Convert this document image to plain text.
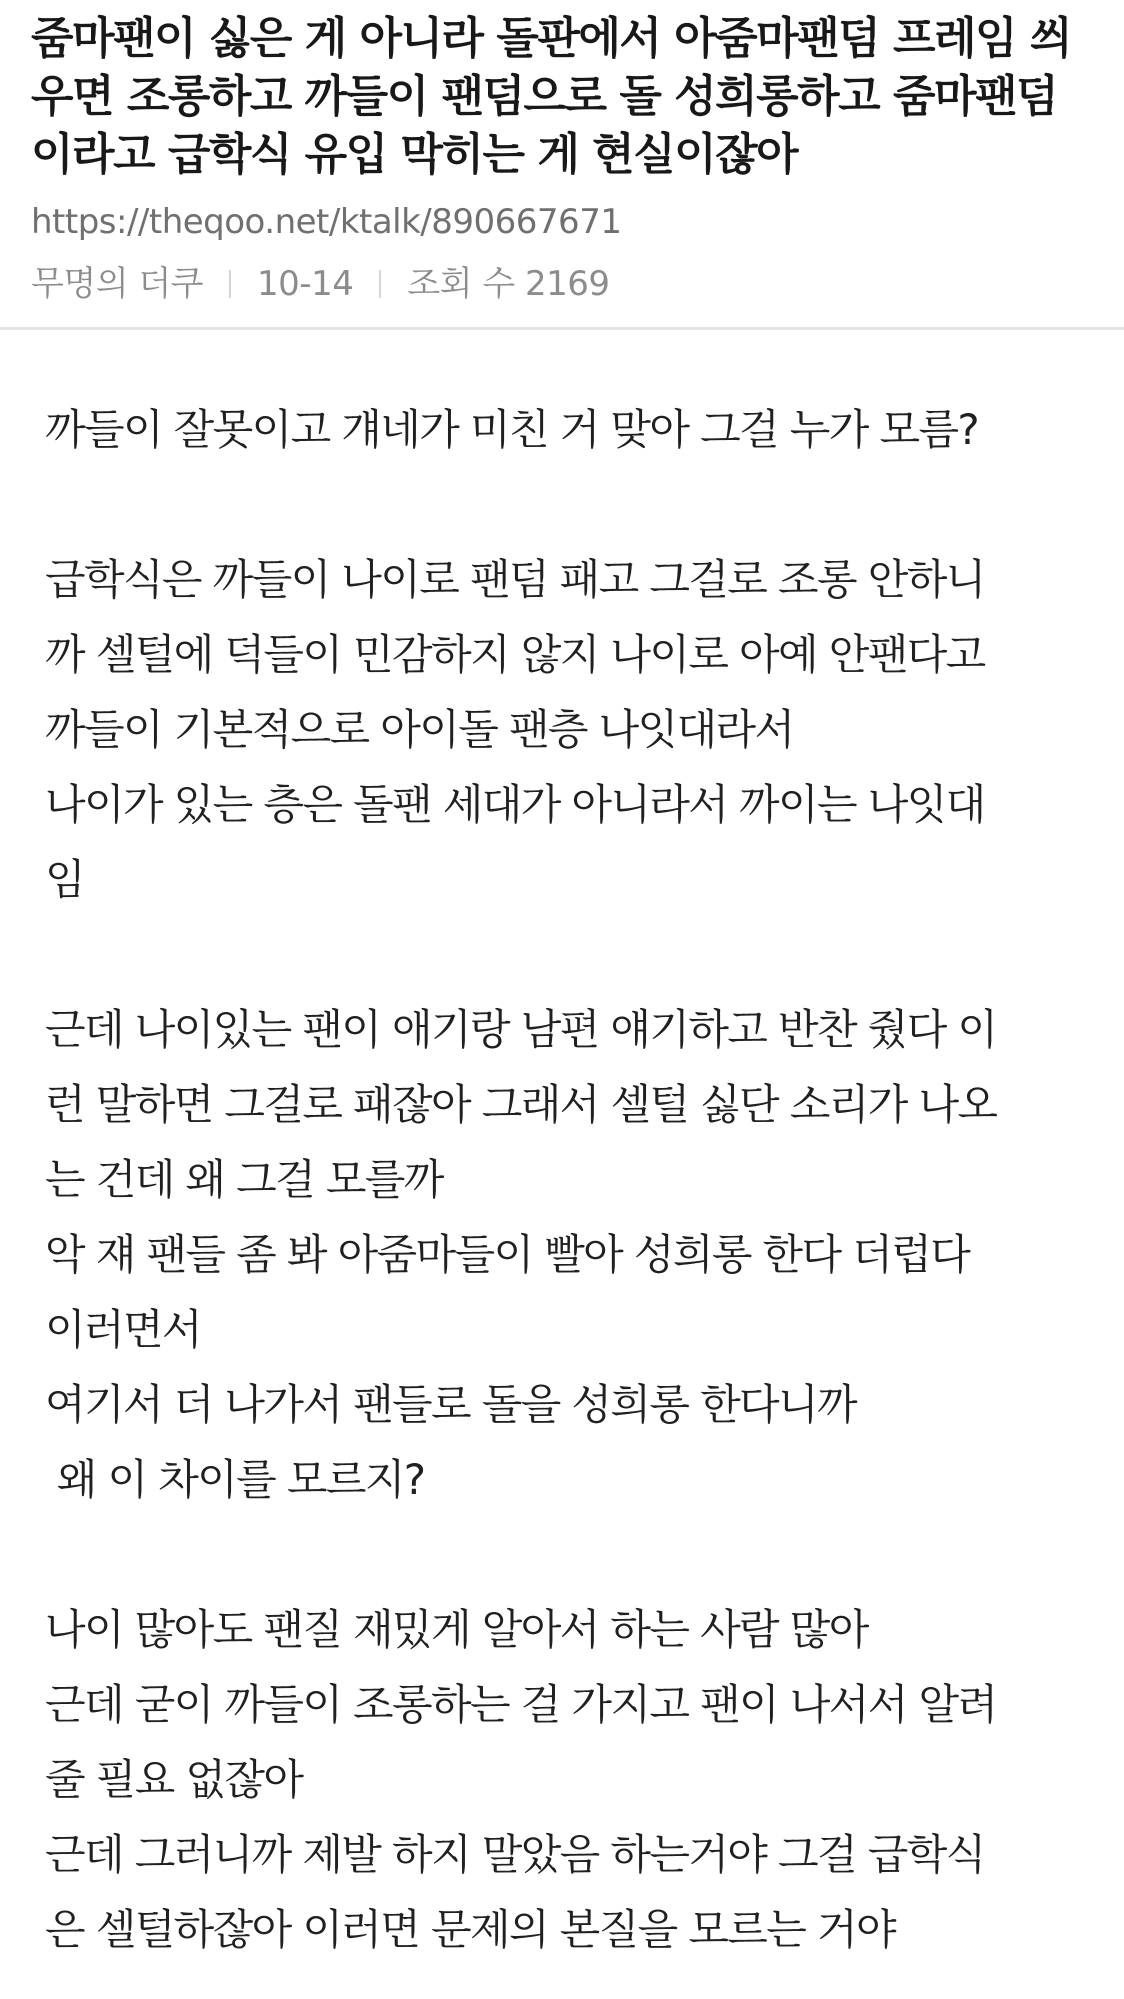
줌마팬이 싫은 게 아니라 돌판에서 아줌마팬덤 프레임 씌
우면 조롱하고 까들이 팬덤으로 돌 성희롱하고 줌마팬덤
이라고 급학식 유입 막히는 게 현실이잖아
https://theqoo.net/ktalk/890667671
무명의 더쿠 10-14 조회 수 2169
까들이 잘못이고 걔네가 미친 거 맞아 그걸 누가 모름?
급학식은 까들이 나이로 팬덤 패고 그걸로 조롱 안하니
까 셀털에 덕들이 민감하지 않지 나이로 아예 안팬다고
까들이 기본적으로 아이돌 팬층 나잇대라서
나이가 있는 층은 돌팬 세대가 아니라서 까이는 나잇대
임
근데 나이있는 팬이 애기랑 남편 얘기하고 반찬 줬다 이
런 말하면 그걸로 패잖아 그래서 셀털 싫단 소리가 나오
는 건데 왜 그걸 모를까
악 쟤 팬들 좀 봐 아줌마들이 빨아 성희롱 한다 더럽다
이러면서
여기서 더 나가서 팬들로 돌을 성희롱 한다니까
왜 이 차이를 모르지?
나이 많아도 팬질 재밌게 알아서 하는 사람 많아
근데 굳이 까들이 조롱하는 걸 가지고 팬이 나서서 알려
줄 필요 없잖아
근데 그러니까 제발 하지 말았음 하는거야 그걸 급학식
은 셀털하잖아 이러면 문제의 본질을 모르는 거야
